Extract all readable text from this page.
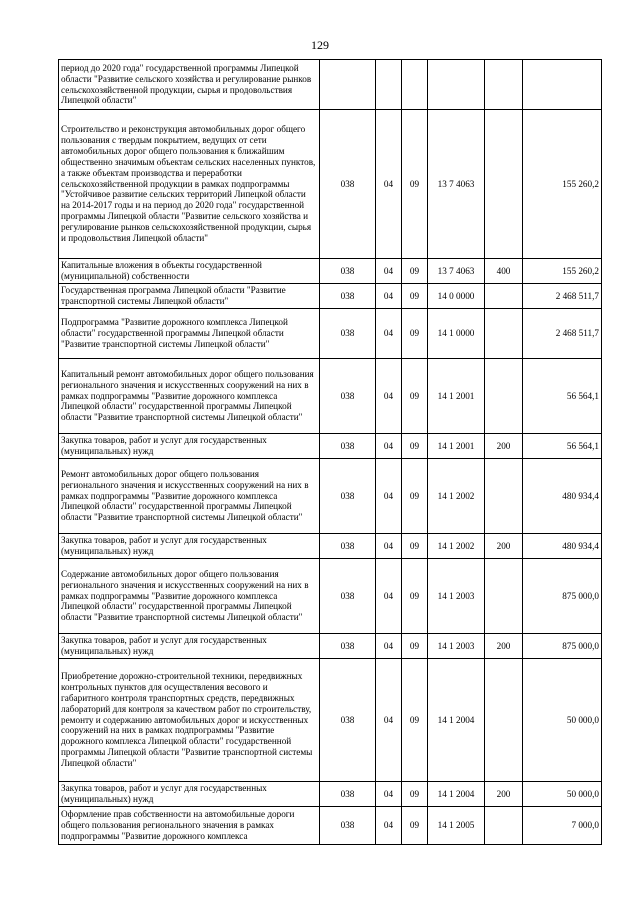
129
период до 2020 года" государственной программы Липецкой области "Развитие сельского хозяйства и регулирование рынков сельскохозяйственной продукции, сырья и продовольствия Липецкой области"						
Строительство и реконструкция автомобильных дорог общего пользования с твердым покрытием, ведущих от сети автомобильных дорог общего пользования к ближайшим общественно значимым объектам сельских населенных пунктов, а также объектам производства и переработки сельскохозяйственной продукции в рамках подпрограммы "Устойчивое развитие сельских территорий Липецкой области на 2014-2017 годы и на период до 2020 года" государственной программы Липецкой области "Развитие сельского хозяйства и регулирование рынков сельскохозяйственной продукции, сырья и продовольствия Липецкой области"	038	04	09	13 7 4063		155 260,2
Капитальные вложения в объекты государственной (муниципальной) собственности	038	04	09	13 7 4063	400	155 260,2
Государственная программа Липецкой области "Развитие транспортной системы Липецкой области"	038	04	09	14 0 0000		2 468 511,7
Подпрограмма "Развитие дорожного комплекса Липецкой области" государственной программы Липецкой области "Развитие транспортной системы Липецкой области"	038	04	09	14 1 0000		2 468 511,7
Капитальный ремонт автомобильных дорог общего пользования регионального значения и искусственных сооружений на них в рамках подпрограммы "Развитие дорожного комплекса Липецкой области" государственной программы Липецкой области "Развитие транспортной системы Липецкой области"	038	04	09	14 1 2001		56 564,1
Закупка товаров, работ и услуг для государственных (муниципальных) нужд	038	04	09	14 1 2001	200	56 564,1
Ремонт автомобильных дорог общего пользования регионального значения и искусственных сооружений на них в рамках подпрограммы "Развитие дорожного комплекса Липецкой области" государственной программы Липецкой области "Развитие транспортной системы Липецкой области"	038	04	09	14 1 2002		480 934,4
Закупка товаров, работ и услуг для государственных (муниципальных) нужд	038	04	09	14 1 2002	200	480 934,4
Содержание автомобильных дорог общего пользования регионального значения и искусственных сооружений на них в рамках подпрограммы "Развитие дорожного комплекса Липецкой области" государственной программы Липецкой области "Развитие транспортной системы Липецкой области"	038	04	09	14 1 2003		875 000,0
Закупка товаров, работ и услуг для государственных (муниципальных) нужд	038	04	09	14 1 2003	200	875 000,0
Приобретение дорожно-строительной техники, передвижных контрольных пунктов для осуществления весового и габаритного контроля транспортных средств, передвижных лабораторий для контроля за качеством работ по строительству, ремонту и содержанию автомобильных дорог и искусственных сооружений на них в рамках подпрограммы "Развитие дорожного комплекса Липецкой области" государственной программы Липецкой области "Развитие транспортной системы Липецкой области"	038	04	09	14 1 2004		50 000,0
Закупка товаров, работ и услуг для государственных (муниципальных) нужд	038	04	09	14 1 2004	200	50 000,0
Оформление прав собственности на автомобильные дороги общего пользования регионального значения в рамках подпрограммы "Развитие дорожного комплекса	038	04	09	14 1 2005		7 000,0
